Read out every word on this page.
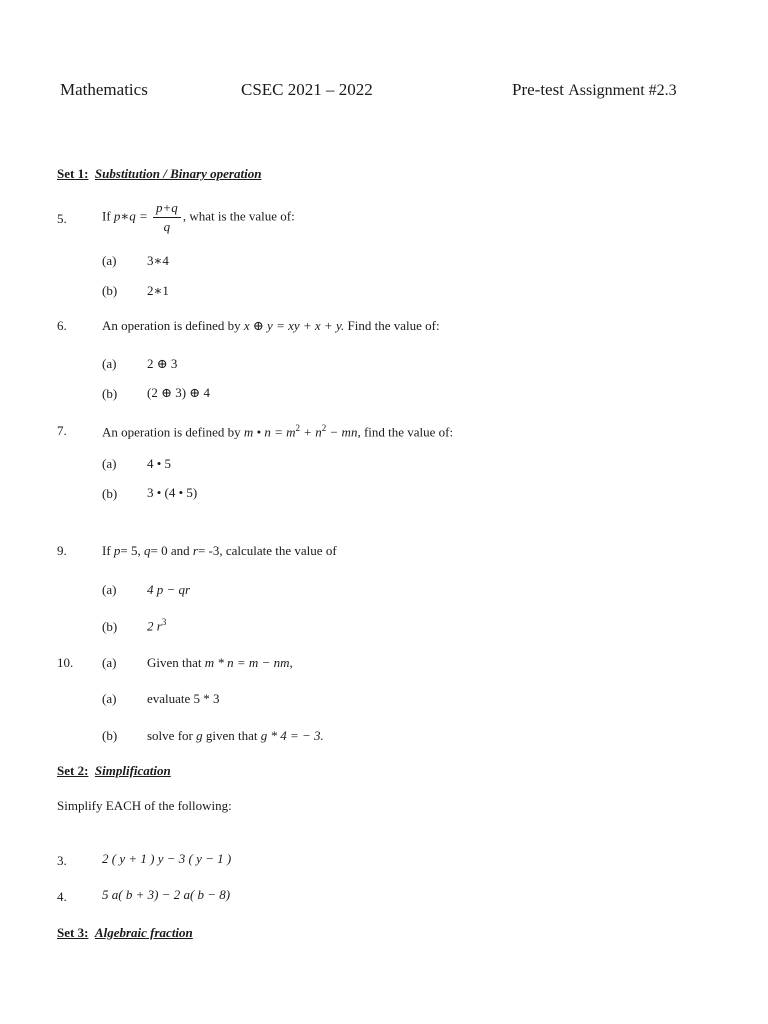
Mathematics	CSEC 2021 – 2022	Pre-test Assignment #2.3
Set 1: Substitution / Binary operation
5.	If p∗q = $\frac{p+q}{q}$ , what is the value of:
(a) 3∗4
(b) 2∗1
6.	An operation is defined by x ⊕ y = xy + x + y. Find the value of:
(a) 2 ⊕ 3
(b) (2 ⊕ 3) ⊕ 4
7.	An operation is defined by m • $n = m^2 + n^2$ − mn, find the value of:
(a) 4 • 5
(b) 3 • (4 • 5)
9.	If p= 5, q= 0 and r= -3, calculate the value of
(a) 4 p − qr
(b) 2 $r^3$
10. (a) Given that m * n = m − nm,
(a) evaluate 5 * 3
(b) solve for g given that g * 4 = − 3.
Set 2: Simplification
Simplify EACH of the following:
3.	2 ( y + 1 ) y − 3 ( y − 1 )
4.	5 a( b + 3) − 2 a( b − 8)
Set 3: Algebraic fraction
